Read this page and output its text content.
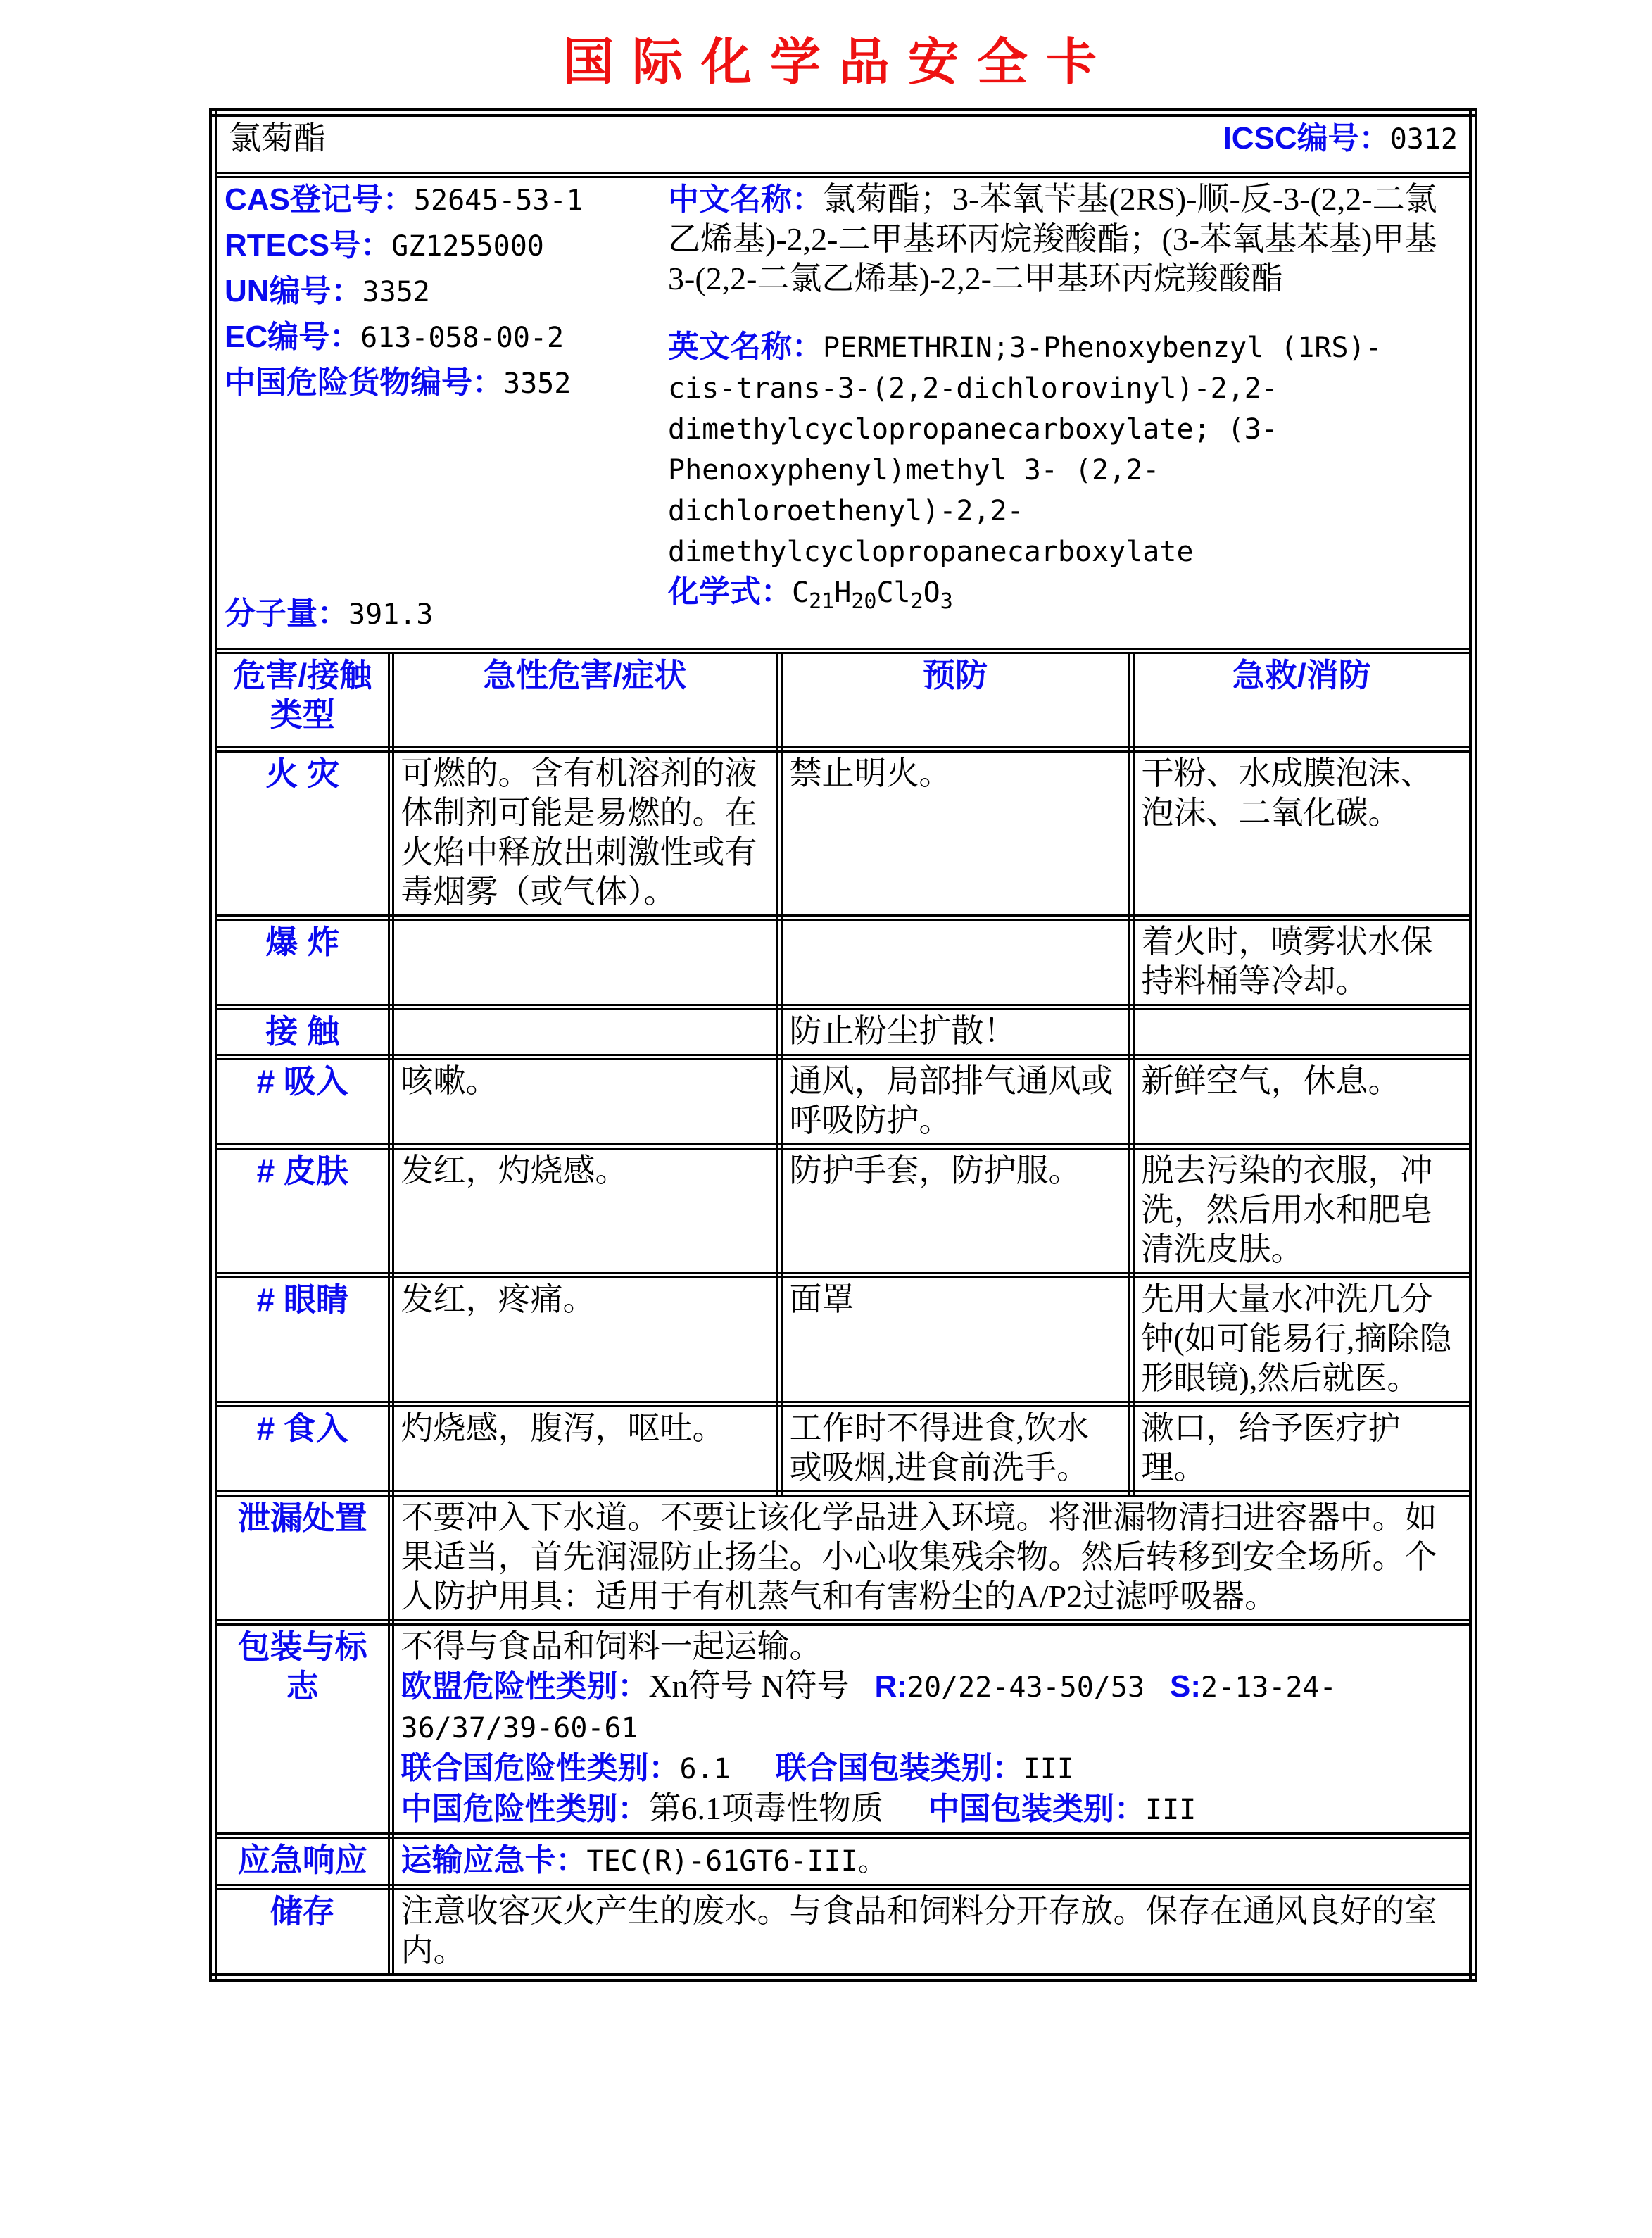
国际化学品安全卡
氯菊酯 ICSC编号：0312			

CAS登记号：52645-53-1
RTECS号：GZ1255000
UN编号：3352
EC编号：613-058-00-2
中国危险货物编号：3352
分子量：391.3
中文名称：氯菊酯；3-苯氧苄基(2RS)-顺-反-3-(2,2-二氯乙烯基)-2,2-二甲基环丙烷羧酸酯；(3-苯氧基苯基)甲基3-(2,2-二氯乙烯基)-2,2-二甲基环丙烷羧酸酯
英文名称：PERMETHRIN;3-Phenoxybenzyl (1RS)-cis-trans-3-(2,2-dichlorovinyl)-2,2-dimethylcyclopropanecarboxylate; (3-Phenoxyphenyl)methyl 3- (2,2-dichloroethenyl)-2,2-dimethylcyclopropanecarboxylate
化学式：$C_{21}H_{20}Cl_2O_3$

危害/接触
类型	急性危害/症状	预防	急救/消防
火 灾	可燃的。含有机溶剂的液体制剂可能是易燃的。在火焰中释放出刺激性或有毒烟雾（或气体）。	禁止明火。	干粉、水成膜泡沫、泡沫、二氧化碳。
爆 炸			着火时，喷雾状水保持料桶等冷却。
接 触		防止粉尘扩散！	
# 吸入	咳嗽。	通风，局部排气通风或呼吸防护。	新鲜空气，休息。
# 皮肤	发红，灼烧感。	防护手套，防护服。	脱去污染的衣服，冲洗，然后用水和肥皂清洗皮肤。
# 眼睛	发红，疼痛。	面罩	先用大量水冲洗几分钟(如可能易行,摘除隐形眼镜),然后就医。
# 食入	灼烧感，腹泻，呕吐。	工作时不得进食,饮水或吸烟,进食前洗手。	漱口，给予医疗护理。
泄漏处置	不要冲入下水道。不要让该化学品进入环境。将泄漏物清扫进容器中。如果适当，首先润湿防止扬尘。小心收集残余物。然后转移到安全场所。个人防护用具：适用于有机蒸气和有害粉尘的A/P2过滤呼吸器。		
包装与标志	不得与食品和饲料一起运输。
欧盟危险性类别：Xn符号 N符号 R:20/22-43-50/53 S:2-13-24-36/37/39-60-61
联合国危险性类别：6.1 联合国包装类别：III
中国危险性类别：第6.1项毒性物质 中国包装类别：III		

应急响应	运输应急卡：TEC(R)-61GT6-III。		
储存	注意收容灭火产生的废水。与食品和饲料分开存放。保存在通风良好的室内。		
